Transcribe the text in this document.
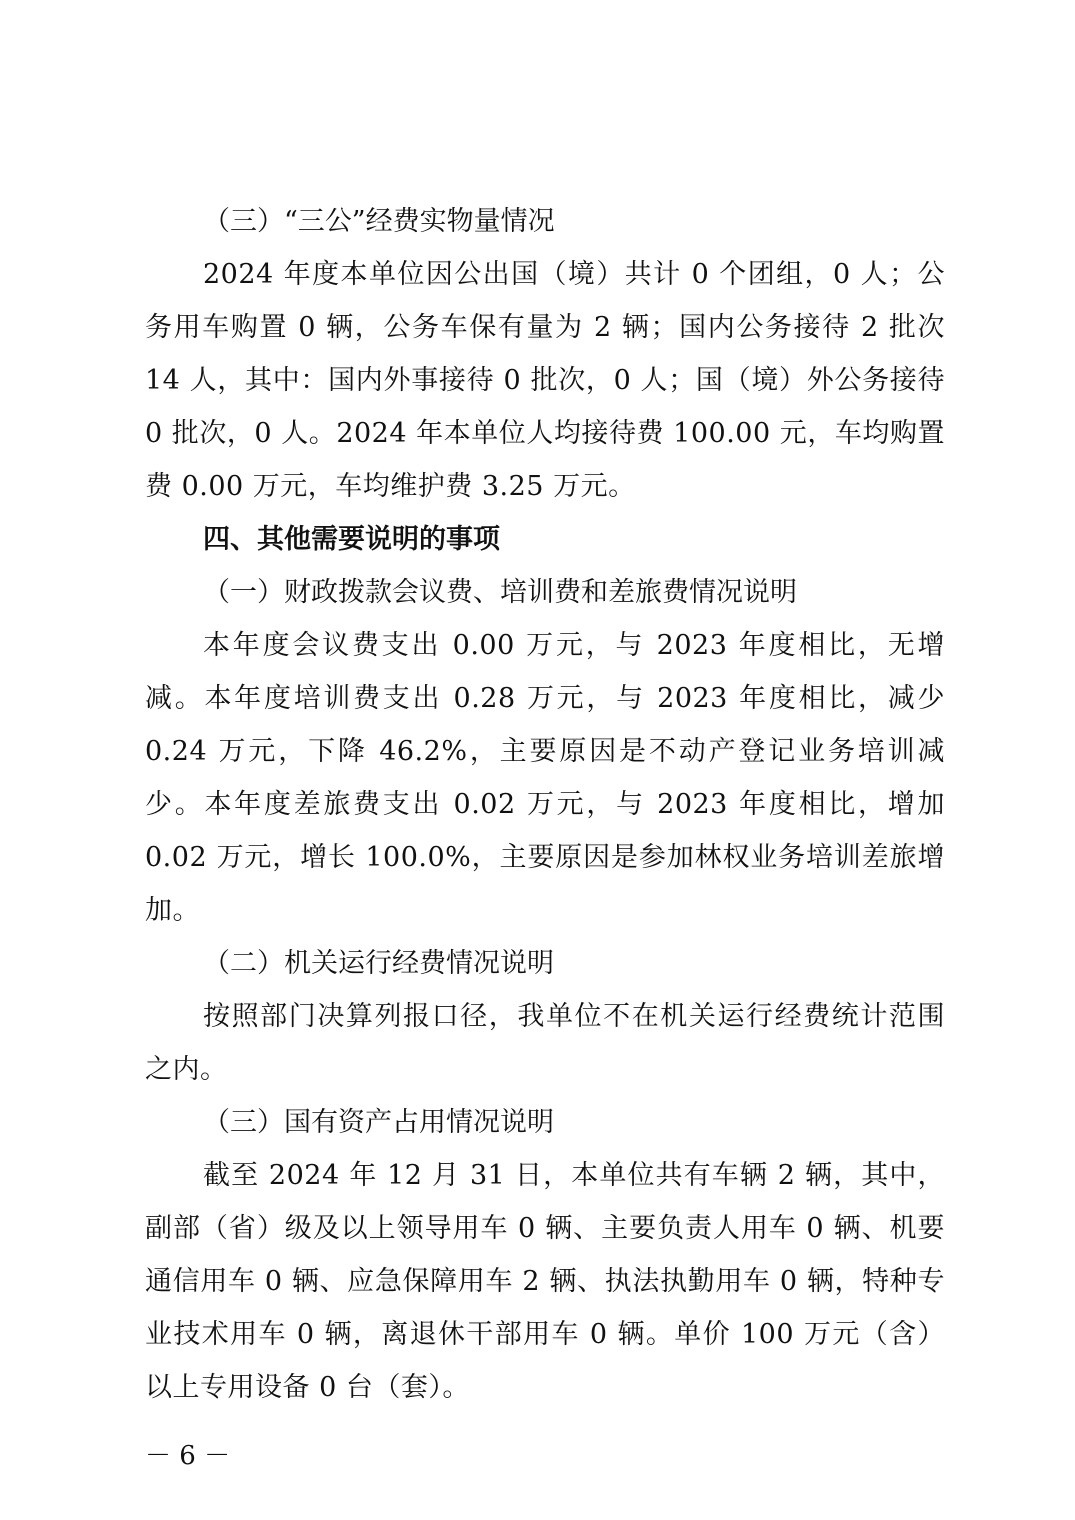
（三）“三公”经费实物量情况

2024 年度本单位因公出国（境）共计 0 个团组，0 人；公务用车购置 0 辆，公务车保有量为 2 辆；国内公务接待 2 批次 14 人，其中：国内外事接待 0 批次，0 人；国（境）外公务接待 0 批次，0 人。2024 年本单位人均接待费 100.00 元，车均购置费 0.00 万元，车均维护费 3.25 万元。

四、其他需要说明的事项

（一）财政拨款会议费、培训费和差旅费情况说明

本年度会议费支出 0.00 万元，与 2023 年度相比，无增减。本年度培训费支出 0.28 万元，与 2023 年度相比，减少 0.24 万元，下降 46.2%，主要原因是不动产登记业务培训减少。本年度差旅费支出 0.02 万元，与 2023 年度相比，增加 0.02 万元，增长 100.0%，主要原因是参加林权业务培训差旅增加。

（二）机关运行经费情况说明

按照部门决算列报口径，我单位不在机关运行经费统计范围之内。

（三）国有资产占用情况说明

截至 2024 年 12 月 31 日，本单位共有车辆 2 辆，其中，副部（省）级及以上领导用车 0 辆、主要负责人用车 0 辆、机要通信用车 0 辆、应急保障用车 2 辆、执法执勤用车 0 辆，特种专业技术用车 0 辆，离退休干部用车 0 辆。单价 100 万元（含）以上专用设备 0 台（套）。

－ 6 －
